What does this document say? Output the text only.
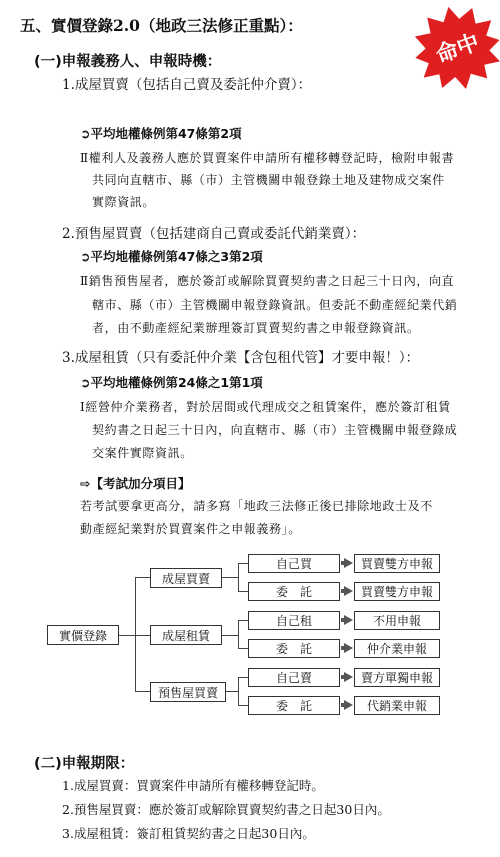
五、實價登錄2.0（地政三法修正重點）：
命中
(一)申報義務人、申報時機：
1.成屋買賣（包括自己賣及委託仲介賣）：
➲平均地權條例第47條第2項
Ⅱ權利人及義務人應於買賣案件申請所有權移轉登記時，檢附申報書
共同向直轄市、縣（市）主管機關申報登錄土地及建物成交案件
實際資訊。
2.預售屋買賣（包括建商自己賣或委託代銷業賣）：
➲平均地權條例第47條之3第2項
Ⅱ銷售預售屋者，應於簽訂或解除買賣契約書之日起三十日內，向直
轄市、縣（市）主管機關申報登錄資訊。但委託不動產經紀業代銷
者，由不動產經紀業辦理簽訂買賣契約書之申報登錄資訊。
3.成屋租賃（只有委託仲介業【含包租代管】才要申報！）：
➲平均地權條例第24條之1第1項
Ⅰ經營仲介業務者，對於居間或代理成交之租賃案件，應於簽訂租賃
契約書之日起三十日內，向直轄市、縣（市）主管機關申報登錄成
交案件實際資訊。
⇨【考試加分項目】
若考試要拿更高分，請多寫「地政三法修正後已排除地政士及不
動產經紀業對於買賣案件之申報義務」。
實價登錄
成屋買賣
成屋租賃
預售屋買賣
自己買	買賣雙方申報
委　託	買賣雙方申報
自己租	不用申報
委　託	仲介業申報
自己賣	賣方單獨申報
委　託	代銷業申報
(二)申報期限：
1.成屋買賣：買賣案件申請所有權移轉登記時。
2.預售屋買賣：應於簽訂或解除買賣契約書之日起30日內。
3.成屋租賃：簽訂租賃契約書之日起30日內。
